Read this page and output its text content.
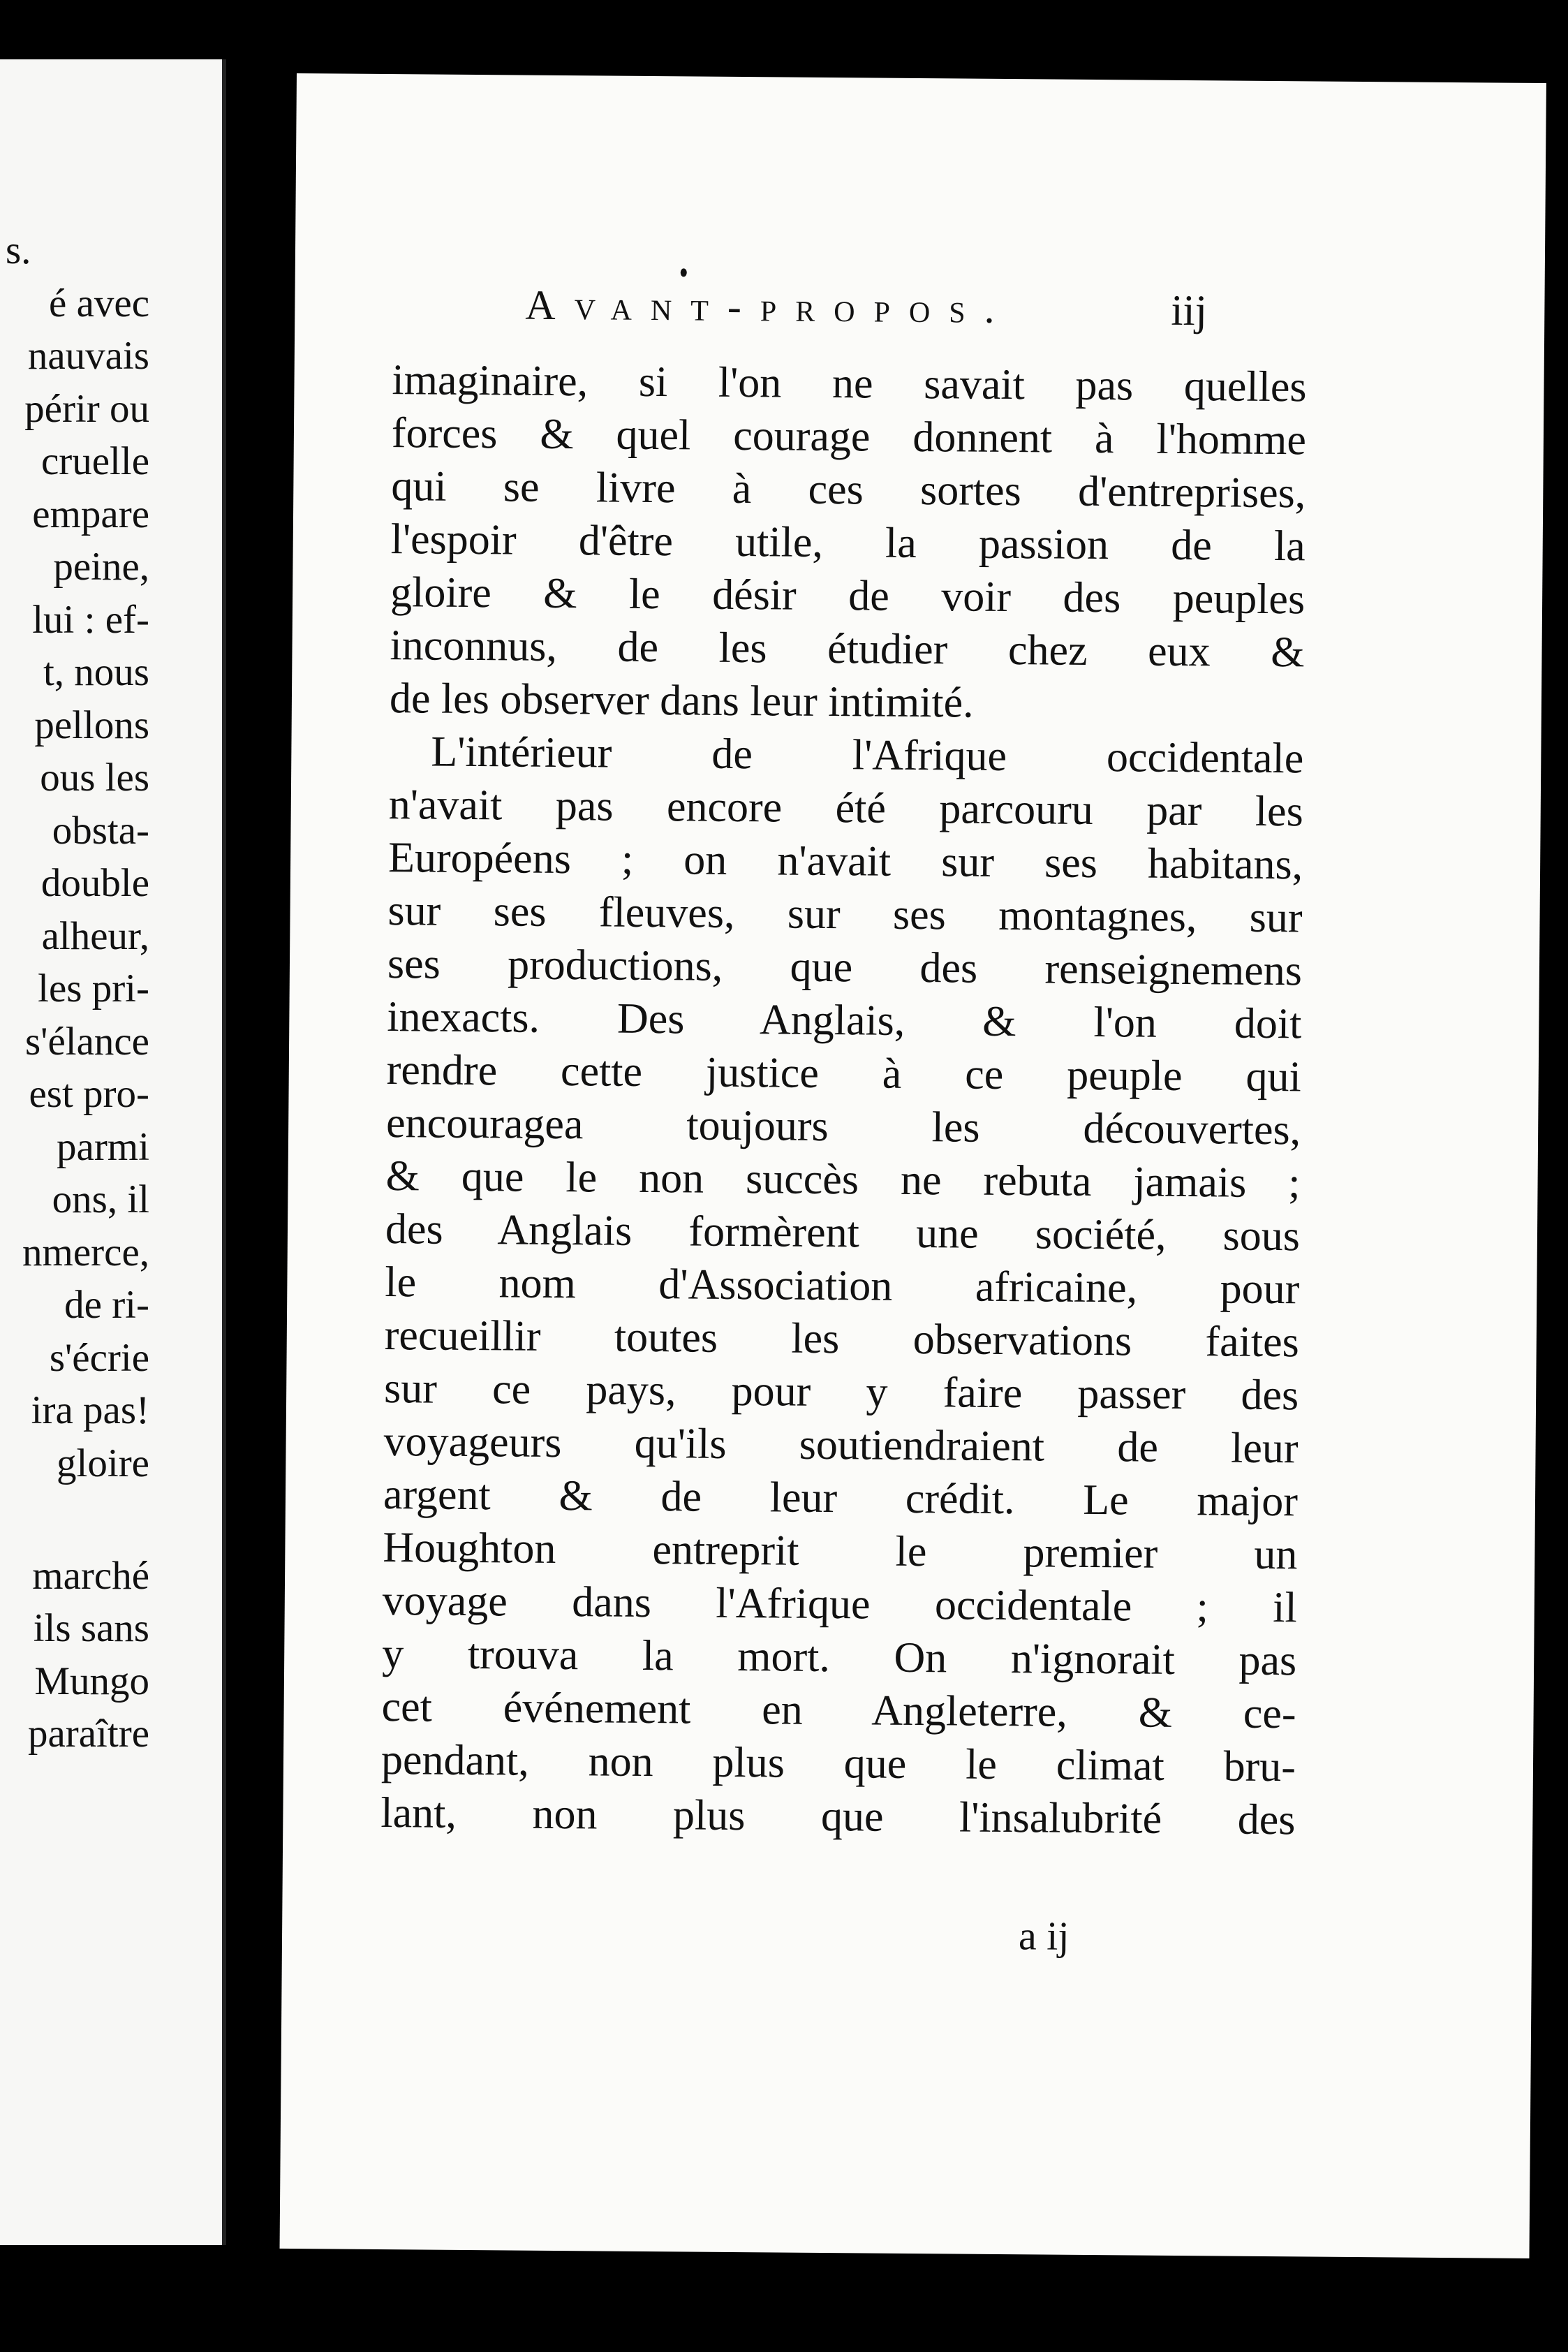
s.
é avec
nauvais
périr ou
cruelle
empare
peine,
lui : ef-
t, nous
pellons
ous les
obsta-
double
alheur,
les pri-
s'élance
est pro-
parmi
ons, il
nmerce,
de ri-
s'écrie
ira pas!
gloire
marché
ils sans
Mungo
paraître
Avant-propos.	iij
imaginaire, si l'on ne savait pas quelles
forces & quel courage donnent à l'homme
qui se livre à ces sortes d'entreprises,
l'espoir d'être utile, la passion de la
gloire & le désir de voir des peuples
inconnus, de les étudier chez eux &
de les observer dans leur intimité.
L'intérieur de l'Afrique occidentale
n'avait pas encore été parcouru par les
Européens ; on n'avait sur ses habitans,
sur ses fleuves, sur ses montagnes, sur
ses productions, que des renseignemens
inexacts. Des Anglais, & l'on doit
rendre cette justice à ce peuple qui
encouragea toujours les découvertes,
& que le non succès ne rebuta jamais ;
des Anglais formèrent une société, sous
le nom d'Association africaine, pour
recueillir toutes les observations faites
sur ce pays, pour y faire passer des
voyageurs qu'ils soutiendraient de leur
argent & de leur crédit. Le major
Houghton entreprit le premier un
voyage dans l'Afrique occidentale ; il
y trouva la mort. On n'ignorait pas
cet événement en Angleterre, & ce-
pendant, non plus que le climat bru-
lant, non plus que l'insalubrité des
a ij
